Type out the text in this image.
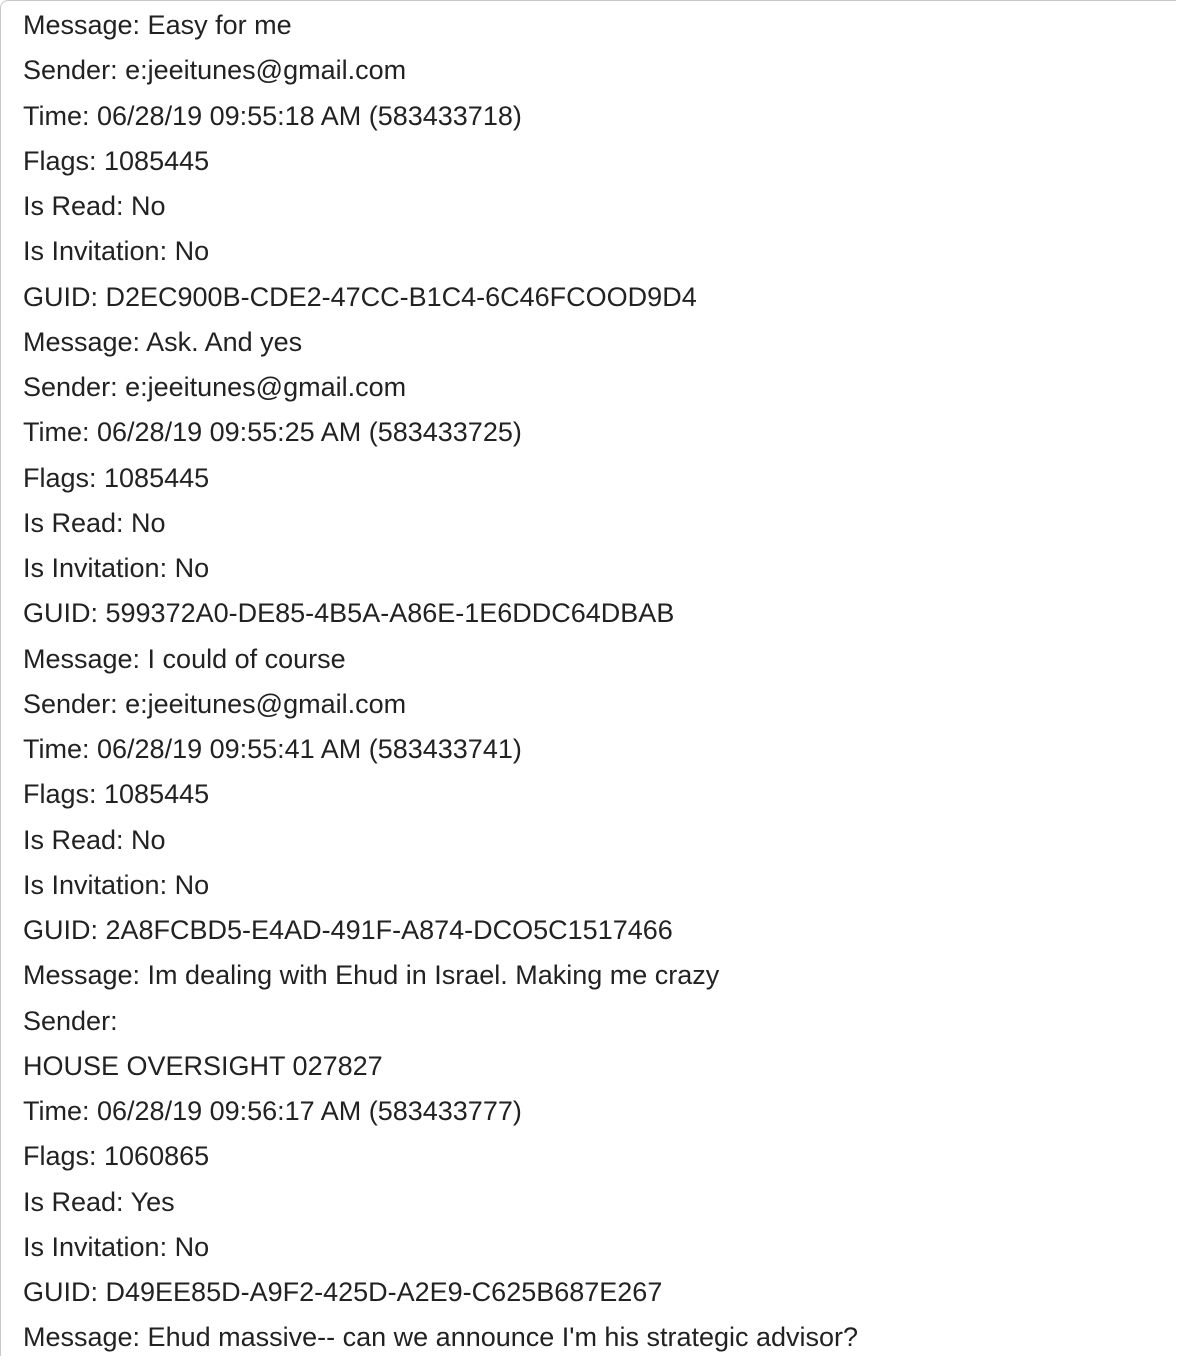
Message: Easy for me
Sender: e:jeeitunes@gmail.com
Time: 06/28/19 09:55:18 AM (583433718)
Flags: 1085445
Is Read: No
Is Invitation: No
GUID: D2EC900B-CDE2-47CC-B1C4-6C46FCOOD9D4
Message: Ask. And yes
Sender: e:jeeitunes@gmail.com
Time: 06/28/19 09:55:25 AM (583433725)
Flags: 1085445
Is Read: No
Is Invitation: No
GUID: 599372A0-DE85-4B5A-A86E-1E6DDC64DBAB
Message: I could of course
Sender: e:jeeitunes@gmail.com
Time: 06/28/19 09:55:41 AM (583433741)
Flags: 1085445
Is Read: No
Is Invitation: No
GUID: 2A8FCBD5-E4AD-491F-A874-DCO5C1517466
Message: Im dealing with Ehud in Israel. Making me crazy
Sender:
HOUSE OVERSIGHT 027827
Time: 06/28/19 09:56:17 AM (583433777)
Flags: 1060865
Is Read: Yes
Is Invitation: No
GUID: D49EE85D-A9F2-425D-A2E9-C625B687E267
Message: Ehud massive-- can we announce I'm his strategic advisor?
